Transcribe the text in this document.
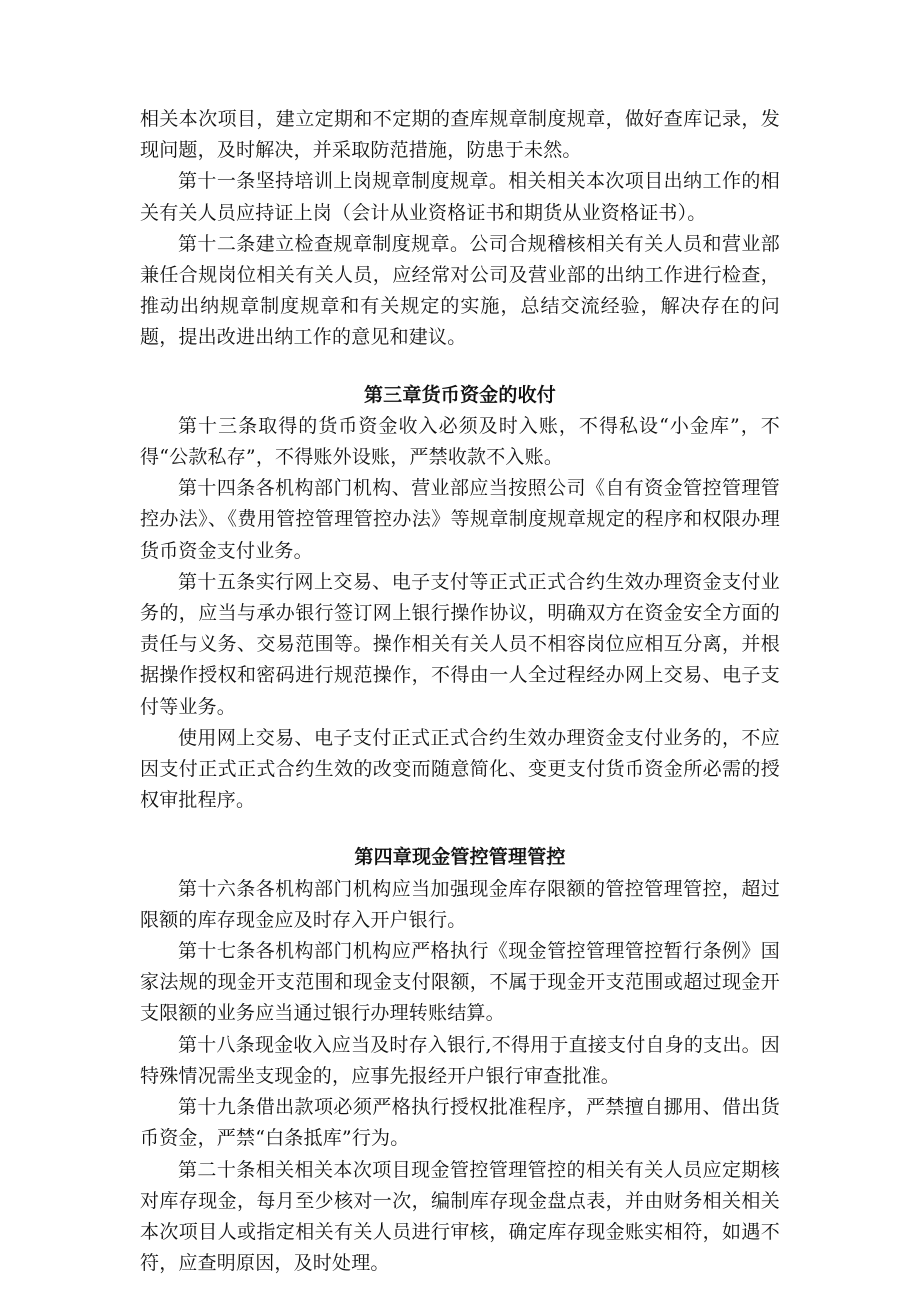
相关本次项目，建立定期和不定期的查库规章制度规章，做好查库记录，发现问题，及时解决，并采取防范措施，防患于未然。

第十一条坚持培训上岗规章制度规章。相关相关本次项目出纳工作的相关有关人员应持证上岗（会计从业资格证书和期货从业资格证书）。

第十二条建立检查规章制度规章。公司合规稽核相关有关人员和营业部兼任合规岗位相关有关人员，应经常对公司及营业部的出纳工作进行检查，推动出纳规章制度规章和有关规定的实施，总结交流经验，解决存在的问题，提出改进出纳工作的意见和建议。

第三章货币资金的收付

第十三条取得的货币资金收入必须及时入账，不得私设“小金库”，不得“公款私存”，不得账外设账，严禁收款不入账。

第十四条各机构部门机构、营业部应当按照公司《自有资金管控管理管控办法》、《费用管控管理管控办法》等规章制度规章规定的程序和权限办理货币资金支付业务。

第十五条实行网上交易、电子支付等正式正式合约生效办理资金支付业务的，应当与承办银行签订网上银行操作协议，明确双方在资金安全方面的责任与义务、交易范围等。操作相关有关人员不相容岗位应相互分离，并根据操作授权和密码进行规范操作，不得由一人全过程经办网上交易、电子支付等业务。

使用网上交易、电子支付正式正式合约生效办理资金支付业务的，不应因支付正式正式合约生效的改变而随意简化、变更支付货币资金所必需的授权审批程序。

第四章现金管控管理管控

第十六条各机构部门机构应当加强现金库存限额的管控管理管控，超过限额的库存现金应及时存入开户银行。

第十七条各机构部门机构应严格执行《现金管控管理管控暂行条例》国家法规的现金开支范围和现金支付限额，不属于现金开支范围或超过现金开支限额的业务应当通过银行办理转账结算。

第十八条现金收入应当及时存入银行,不得用于直接支付自身的支出。因特殊情况需坐支现金的，应事先报经开户银行审查批准。

第十九条借出款项必须严格执行授权批准程序，严禁擅自挪用、借出货币资金，严禁“白条抵库”行为。

第二十条相关相关本次项目现金管控管理管控的相关有关人员应定期核对库存现金，每月至少核对一次，编制库存现金盘点表，并由财务相关相关本次项目人或指定相关有关人员进行审核，确定库存现金账实相符，如遇不符，应查明原因，及时处理。
